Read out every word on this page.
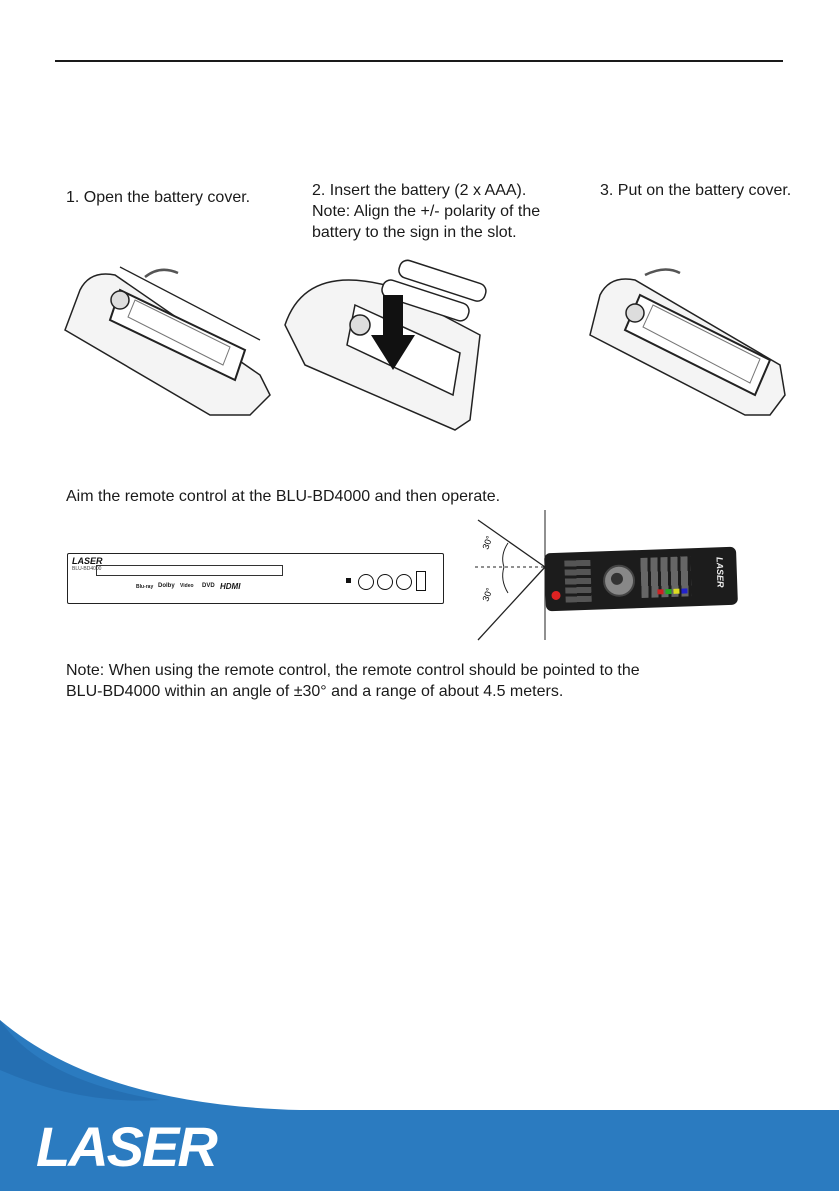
1. Open the battery cover.	2. Insert the battery (2 x AAA).
Note: Align the +/- polarity of the
battery to the sign in the slot.
3. Put on the battery cover.
Aim the remote control at the BLU-BD4000 and then operate.
LASER
BLU-BD4000
Blu-ray Dolby Video DVD HDMI
30°
30°
LASER
Note: When using the remote control, the remote control should be pointed to the
BLU-BD4000 within an angle of ±30° and a range of about 4.5 meters.
LASER
